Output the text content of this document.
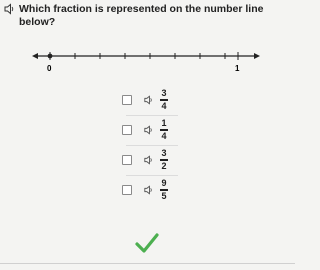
Which fraction is represented on the number line below?
0	1
$\frac{3}{4}$
$\frac{1}{4}$
$\frac{3}{2}$
$\frac{9}{5}$
